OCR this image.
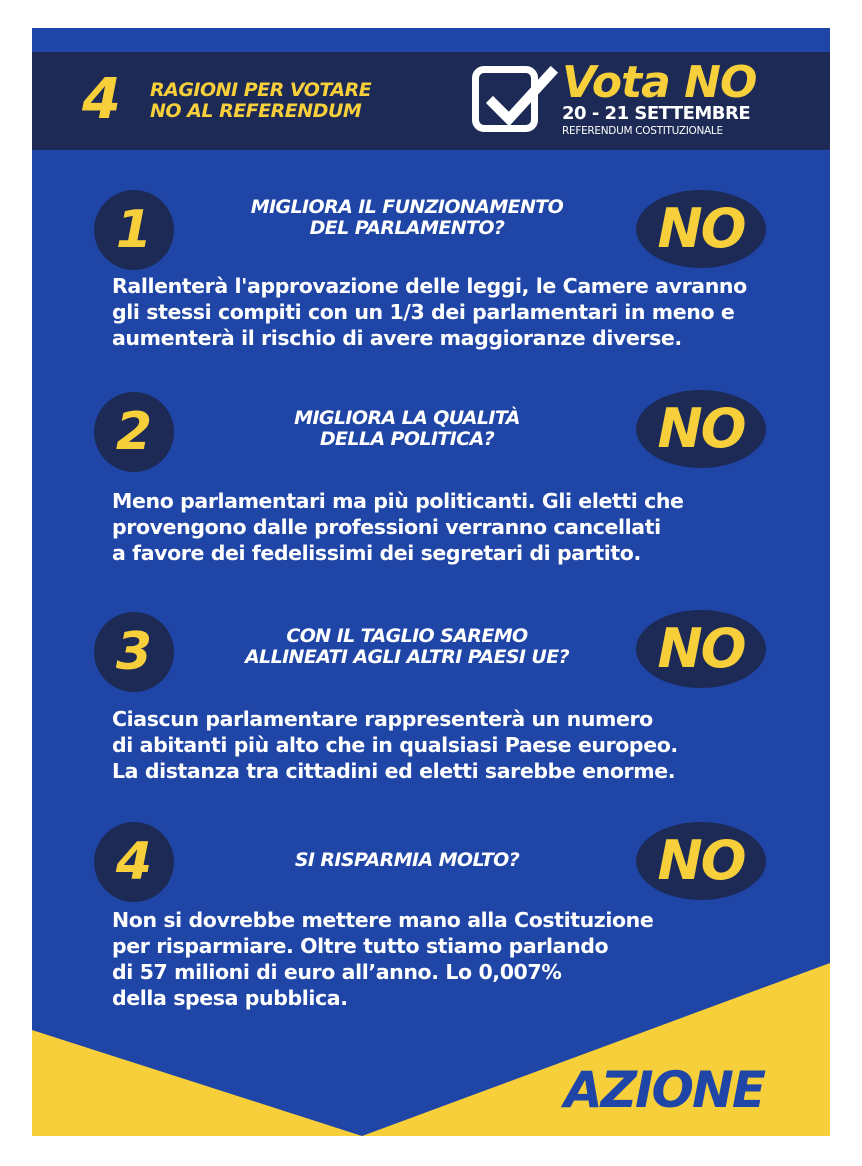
4 RAGIONI PER VOTARE
NO AL REFERENDUM
Vota NO
20 - 21 SETTEMBRE
REFERENDUM COSTITUZIONALE
1	MIGLIORA IL FUNZIONAMENTO
DEL PARLAMENTO?	NO
Rallenterà l'approvazione delle leggi, le Camere avranno
gli stessi compiti con un 1/3 dei parlamentari in meno e
aumenterà il rischio di avere maggioranze diverse.
2	MIGLIORA LA QUALITÀ
DELLA POLITICA?	NO
Meno parlamentari ma più politicanti. Gli eletti che
provengono dalle professioni verranno cancellati
a favore dei fedelissimi dei segretari di partito.
3	CON IL TAGLIO SAREMO
ALLINEATI AGLI ALTRI PAESI UE?	NO
Ciascun parlamentare rappresenterà un numero
di abitanti più alto che in qualsiasi Paese europeo.
La distanza tra cittadini ed eletti sarebbe enorme.
4	SI RISPARMIA MOLTO?	NO
Non si dovrebbe mettere mano alla Costituzione
per risparmiare. Oltre tutto stiamo parlando
di 57 milioni di euro all’anno. Lo 0,007%
della spesa pubblica.
AZIONE
